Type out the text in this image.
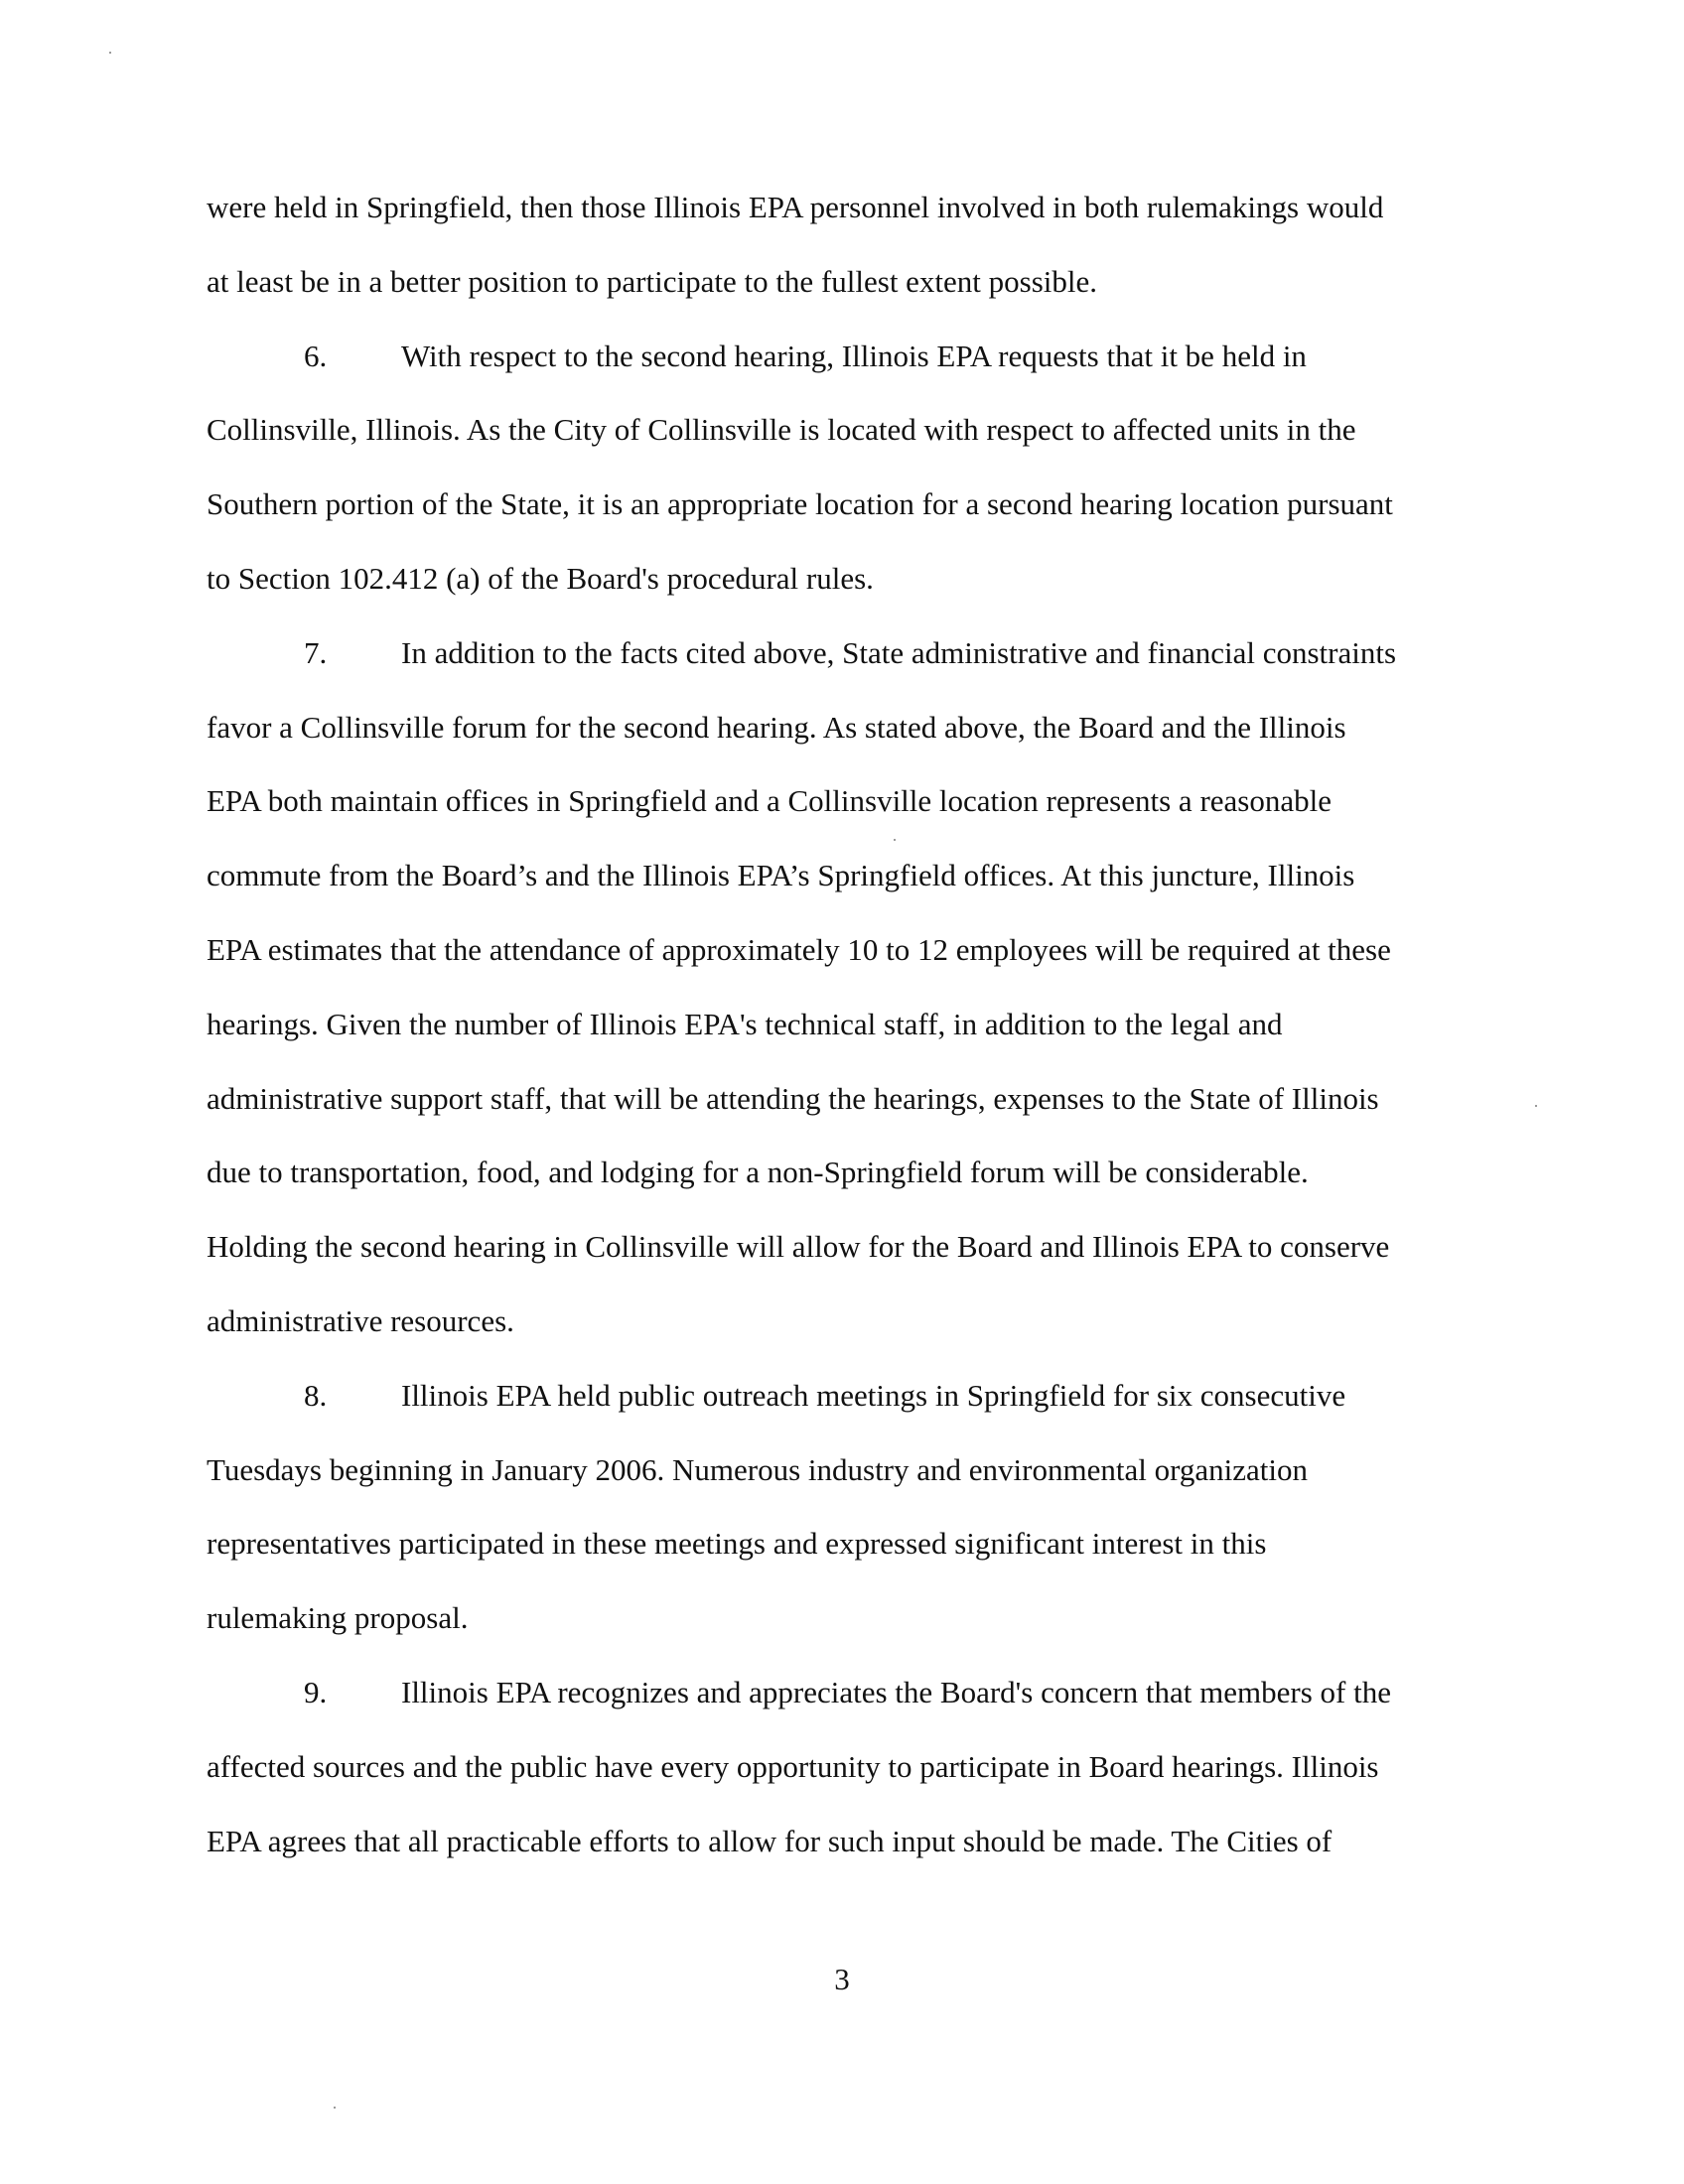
were held in Springfield, then those Illinois EPA personnel involved in both rulemakings would
at least be in a better position to participate to the fullest extent possible.
6. With respect to the second hearing, Illinois EPA requests that it be held in
Collinsville, Illinois. As the City of Collinsville is located with respect to affected units in the
Southern portion of the State, it is an appropriate location for a second hearing location pursuant
to Section 102.412 (a) of the Board's procedural rules.
7. In addition to the facts cited above, State administrative and financial constraints
favor a Collinsville forum for the second hearing. As stated above, the Board and the Illinois
EPA both maintain offices in Springfield and a Collinsville location represents a reasonable
commute from the Board’s and the Illinois EPA’s Springfield offices. At this juncture, Illinois
EPA estimates that the attendance of approximately 10 to 12 employees will be required at these
hearings. Given the number of Illinois EPA's technical staff, in addition to the legal and
administrative support staff, that will be attending the hearings, expenses to the State of Illinois
due to transportation, food, and lodging for a non-Springfield forum will be considerable.
Holding the second hearing in Collinsville will allow for the Board and Illinois EPA to conserve
administrative resources.
8. Illinois EPA held public outreach meetings in Springfield for six consecutive
Tuesdays beginning in January 2006. Numerous industry and environmental organization
representatives participated in these meetings and expressed significant interest in this
rulemaking proposal.
9. Illinois EPA recognizes and appreciates the Board's concern that members of the
affected sources and the public have every opportunity to participate in Board hearings. Illinois
EPA agrees that all practicable efforts to allow for such input should be made. The Cities of
3
